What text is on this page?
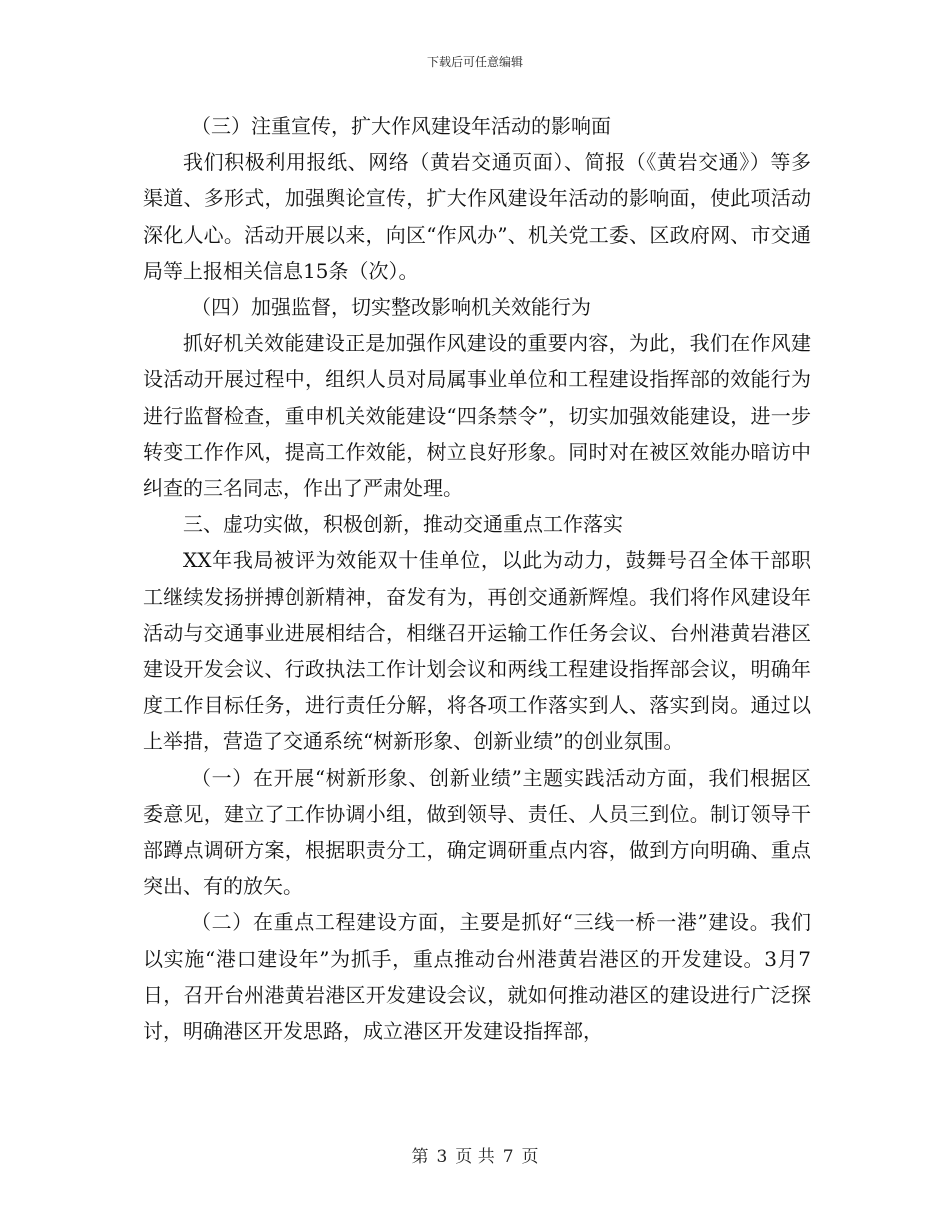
下载后可任意编辑

（三）注重宣传，扩大作风建设年活动的影响面

我们积极利用报纸、网络（黄岩交通页面）、简报（《黄岩交通》）等多渠道、多形式，加强舆论宣传，扩大作风建设年活动的影响面，使此项活动深化人心。活动开展以来，向区“作风办”、机关党工委、区政府网、市交通局等上报相关信息15条（次）。

（四）加强监督，切实整改影响机关效能行为

抓好机关效能建设正是加强作风建设的重要内容，为此，我们在作风建设活动开展过程中，组织人员对局属事业单位和工程建设指挥部的效能行为进行监督检查，重申机关效能建设“四条禁令”，切实加强效能建设，进一步转变工作作风，提高工作效能，树立良好形象。同时对在被区效能办暗访中纠查的三名同志，作出了严肃处理。

三、虚功实做，积极创新，推动交通重点工作落实

XX年我局被评为效能双十佳单位，以此为动力，鼓舞号召全体干部职工继续发扬拼搏创新精神，奋发有为，再创交通新辉煌。我们将作风建设年活动与交通事业进展相结合，相继召开运输工作任务会议、台州港黄岩港区建设开发会议、行政执法工作计划会议和两线工程建设指挥部会议，明确年度工作目标任务，进行责任分解，将各项工作落实到人、落实到岗。通过以上举措，营造了交通系统“树新形象、创新业绩”的创业氛围。

（一）在开展“树新形象、创新业绩”主题实践活动方面，我们根据区委意见，建立了工作协调小组，做到领导、责任、人员三到位。制订领导干部蹲点调研方案，根据职责分工，确定调研重点内容，做到方向明确、重点突出、有的放矢。

（二）在重点工程建设方面，主要是抓好“三线一桥一港”建设。我们以实施“港口建设年”为抓手，重点推动台州港黄岩港区的开发建设。3月7日，召开台州港黄岩港区开发建设会议，就如何推动港区的建设进行广泛探讨，明确港区开发思路，成立港区开发建设指挥部，

第 3 页 共 7 页
